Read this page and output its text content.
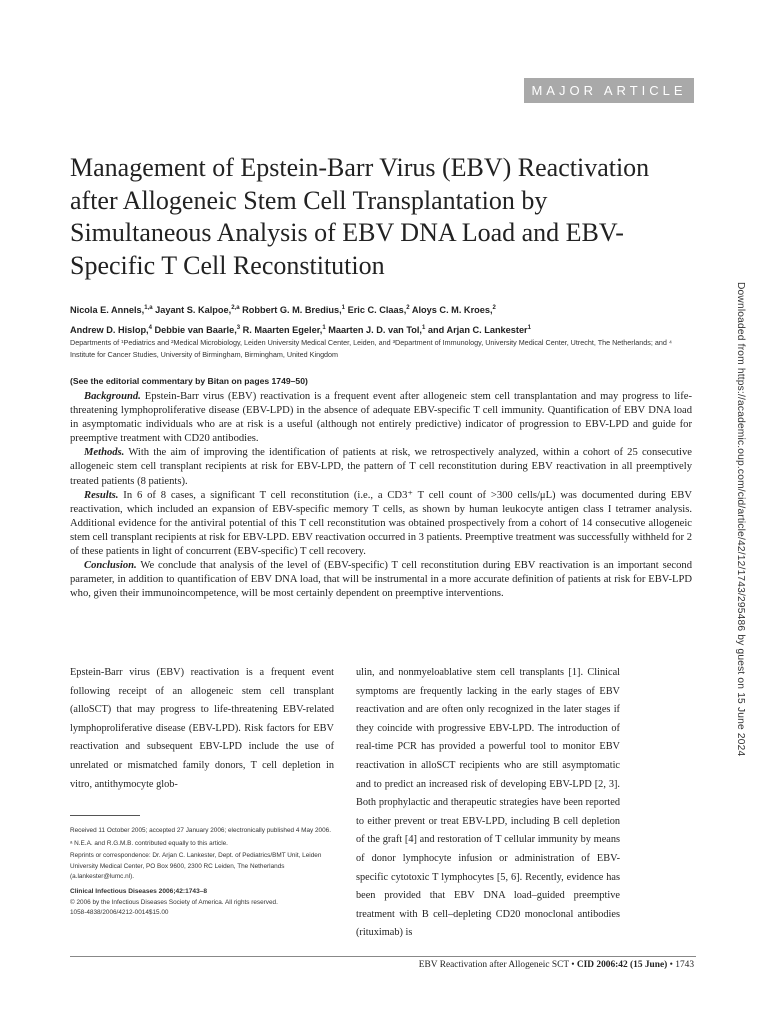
MAJOR ARTICLE
Management of Epstein-Barr Virus (EBV) Reactivation after Allogeneic Stem Cell Transplantation by Simultaneous Analysis of EBV DNA Load and EBV-Specific T Cell Reconstitution
Nicola E. Annels,$^{1,a}$ Jayant S. Kalpoe,$^{2,a}$ Robbert G. M. Bredius,$^1$ Eric C. Claas,$^2$ Aloys C. M. Kroes,$^2$
Andrew D. Hislop,$^4$ Debbie van Baarle,$^3$ R. Maarten Egeler,$^1$ Maarten J. D. van Tol,$^1$ and Arjan C. Lankester$^1$
Departments of ¹Pediatrics and ²Medical Microbiology, Leiden University Medical Center, Leiden, and ³Department of Immunology, University Medical Center, Utrecht, The Netherlands; and ⁴ Institute for Cancer Studies, University of Birmingham, Birmingham, United Kingdom
(See the editorial commentary by Bitan on pages 1749–50)

Background. Epstein-Barr virus (EBV) reactivation is a frequent event after allogeneic stem cell transplantation and may progress to life-threatening lymphoproliferative disease (EBV-LPD) in the absence of adequate EBV-specific T cell immunity. Quantification of EBV DNA load in asymptomatic individuals who are at risk is a useful (although not entirely predictive) indicator of progression to EBV-LPD and guide for preemptive treatment with CD20 antibodies.

Methods. With the aim of improving the identification of patients at risk, we retrospectively analyzed, within a cohort of 25 consecutive allogeneic stem cell transplant recipients at risk for EBV-LPD, the pattern of T cell reconstitution during EBV reactivation in all preemptively treated patients (8 patients).

Results. In 6 of 8 cases, a significant T cell reconstitution (i.e., a CD3⁺ T cell count of >300 cells/μL) was documented during EBV reactivation, which included an expansion of EBV-specific memory T cells, as shown by human leukocyte antigen class I tetramer analysis. Additional evidence for the antiviral potential of this T cell reconstitution was obtained prospectively from a cohort of 14 consecutive allogeneic stem cell transplant recipients at risk for EBV-LPD. EBV reactivation occurred in 3 patients. Preemptive treatment was successfully withheld for 2 of these patients in light of concurrent (EBV-specific) T cell recovery.

Conclusion. We conclude that analysis of the level of (EBV-specific) T cell reconstitution during EBV reactivation is an important second parameter, in addition to quantification of EBV DNA load, that will be instrumental in a more accurate definition of patients at risk for EBV-LPD who, given their immunoincompetence, will be most certainly dependent on preemptive interventions.

Epstein-Barr virus (EBV) reactivation is a frequent event following receipt of an allogeneic stem cell transplant (alloSCT) that may progress to life-threatening EBV-related lymphoproliferative disease (EBV-LPD). Risk factors for EBV reactivation and subsequent EBV-LPD include the use of unrelated or mismatched family donors, T cell depletion in vitro, antithymocyte glob-

ulin, and nonmyeloablative stem cell transplants [1]. Clinical symptoms are frequently lacking in the early stages of EBV reactivation and are often only recognized in the later stages if they coincide with progressive EBV-LPD. The introduction of real-time PCR has provided a powerful tool to monitor EBV reactivation in alloSCT recipients who are still asymptomatic and to predict an increased risk of developing EBV-LPD [2, 3]. Both prophylactic and therapeutic strategies have been reported to either prevent or treat EBV-LPD, including B cell depletion of the graft [4] and restoration of T cellular immunity by means of donor lymphocyte infusion or administration of EBV-specific cytotoxic T lymphocytes [5, 6]. Recently, evidence has been provided that EBV DNA load–guided preemptive treatment with B cell–depleting CD20 monoclonal antibodies (rituximab) is

Received 11 October 2005; accepted 27 January 2006; electronically published 4 May 2006.

ᵃ N.E.A. and R.G.M.B. contributed equally to this article.

Reprints or correspondence: Dr. Arjan C. Lankester, Dept. of Pediatrics/BMT Unit, Leiden University Medical Center, PO Box 9600, 2300 RC Leiden, The Netherlands (a.lankester@lumc.nl).

Clinical Infectious Diseases 2006;42:1743–8

© 2006 by the Infectious Diseases Society of America. All rights reserved.

1058-4838/2006/4212-0014$15.00

EBV Reactivation after Allogeneic SCT • CID 2006:42 (15 June) • 1743
Downloaded from https://academic.oup.com/cid/article/42/12/1743/295486 by guest on 15 June 2024
